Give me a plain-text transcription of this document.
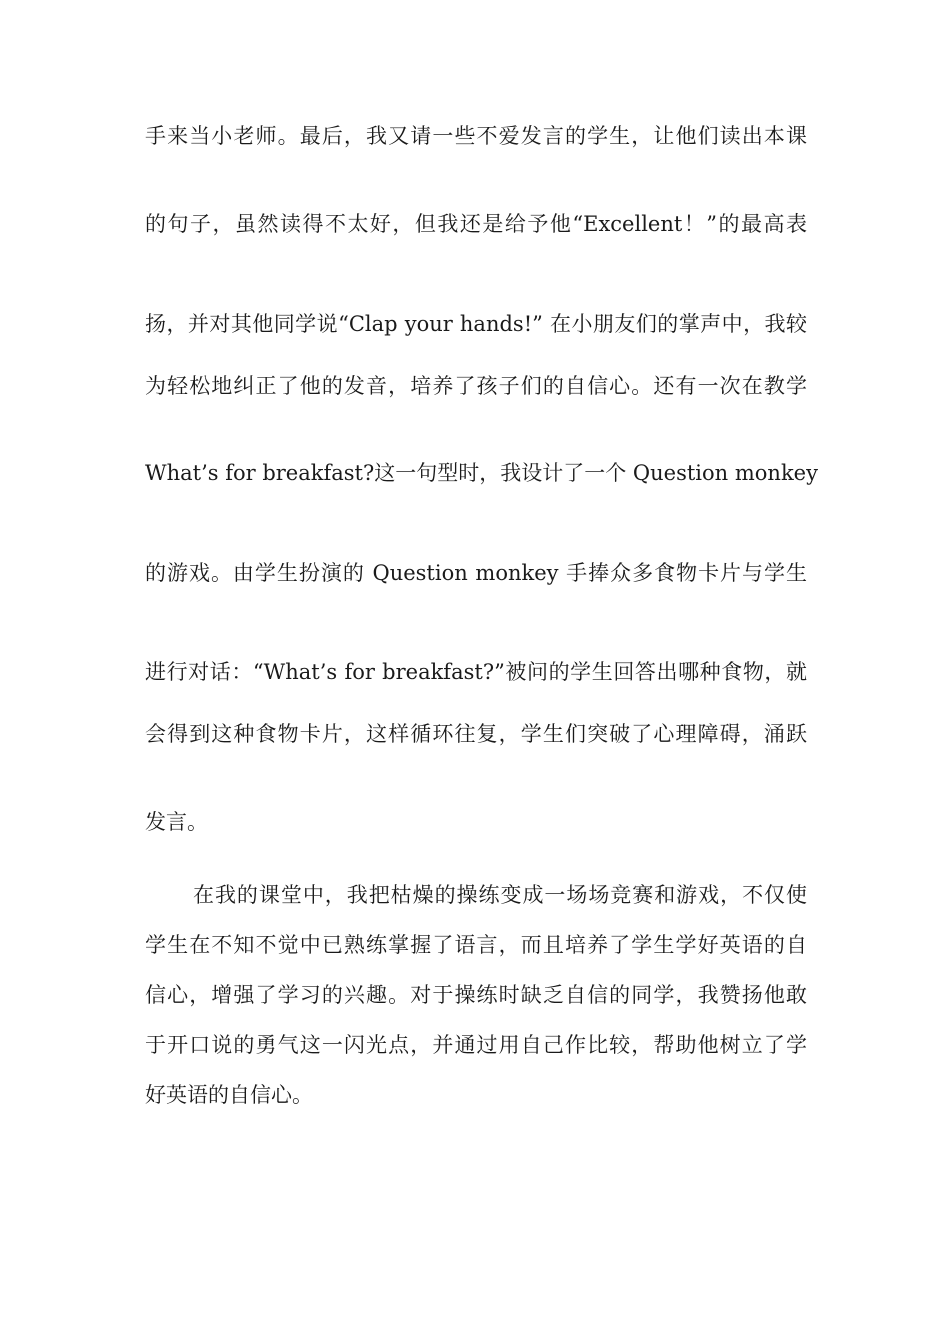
手来当小老师。最后，我又请一些不爱发言的学生，让他们读出本课
的句子，虽然读得不太好，但我还是给予他“Excellent！”的最高表
扬，并对其他同学说“Clap your hands!” 在小朋友们的掌声中，我较
为轻松地纠正了他的发音，培养了孩子们的自信心。还有一次在教学
What’s for breakfast?这一句型时，我设计了一个 Question monkey
的游戏。由学生扮演的 Question monkey 手捧众多食物卡片与学生
进行对话：“What’s for breakfast?”被问的学生回答出哪种食物，就
会得到这种食物卡片，这样循环往复，学生们突破了心理障碍，涌跃
发言。
在我的课堂中，我把枯燥的操练变成一场场竞赛和游戏，不仅使
学生在不知不觉中已熟练掌握了语言，而且培养了学生学好英语的自
信心，增强了学习的兴趣。对于操练时缺乏自信的同学，我赞扬他敢
于开口说的勇气这一闪光点，并通过用自己作比较，帮助他树立了学
好英语的自信心。
